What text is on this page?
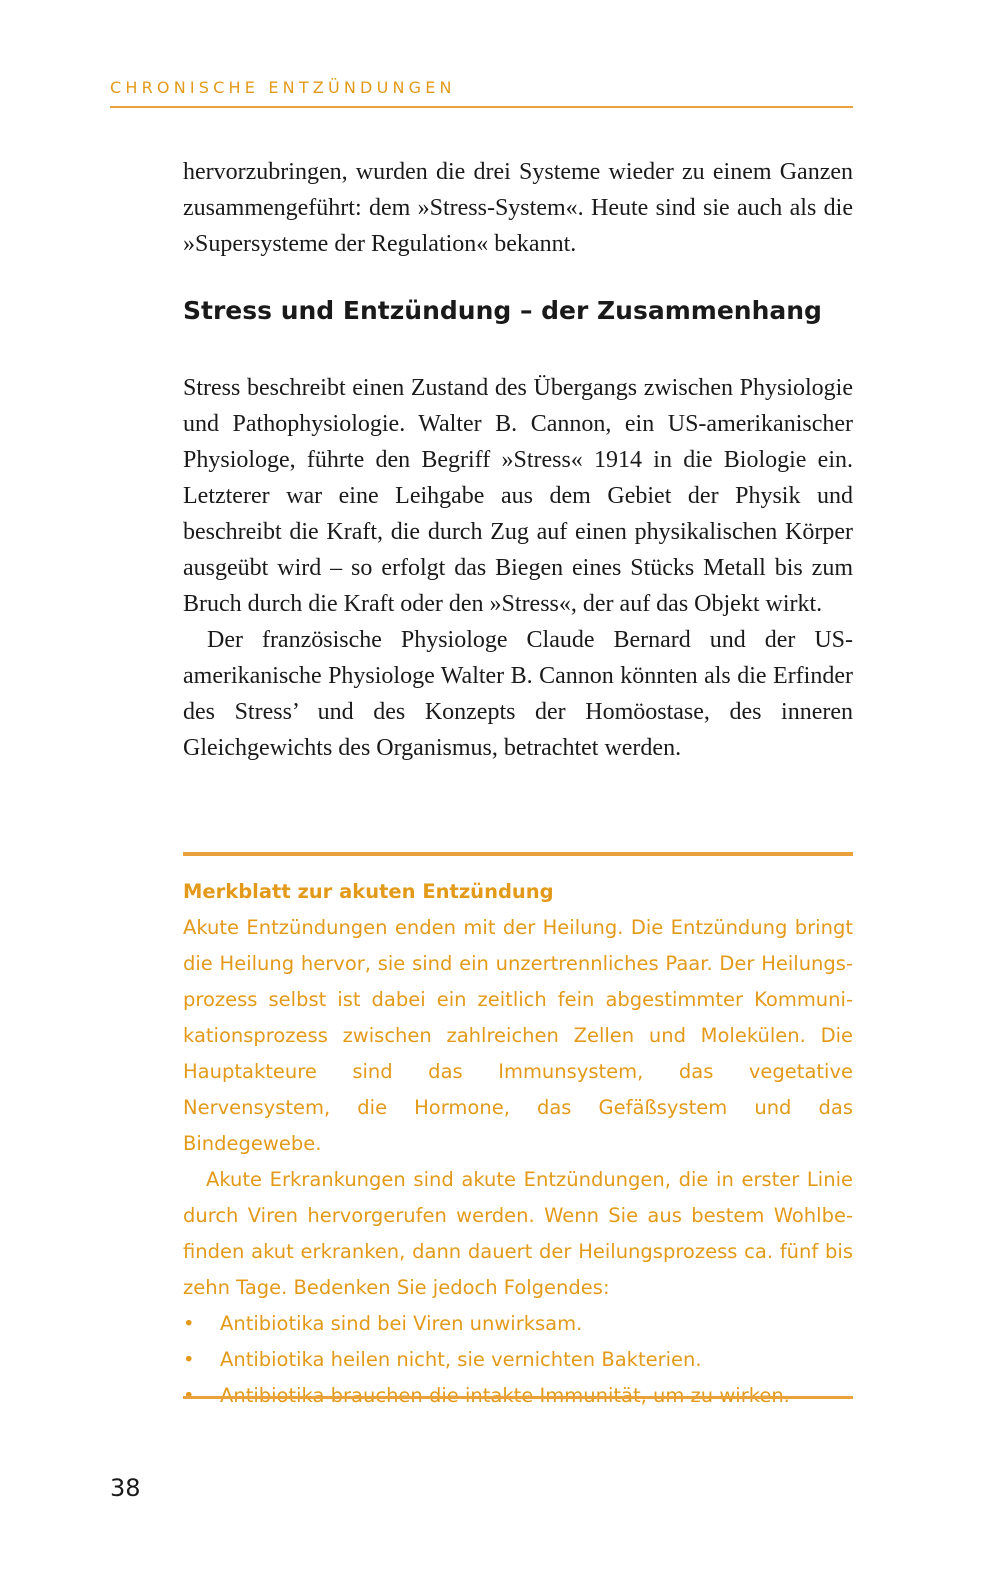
CHRONISCHE ENTZÜNDUNGEN

hervorzubringen, wurden die drei Systeme wieder zu einem Ganzen zusammengeführt: dem »Stress-System«. Heute sind sie auch als die »Supersysteme der Regulation« bekannt.

Stress und Entzündung – der Zusammenhang

Stress beschreibt einen Zustand des Übergangs zwischen Physiologie und Pathophysiologie. Walter B. Cannon, ein US-amerikanischer Physiologe, führte den Begriff »Stress« 1914 in die Biologie ein. Letzterer war eine Leihgabe aus dem Gebiet der Physik und beschreibt die Kraft, die durch Zug auf einen physikalischen Körper ausgeübt wird – so erfolgt das Biegen eines Stücks Metall bis zum Bruch durch die Kraft oder den »Stress«, der auf das Objekt wirkt.

Der französische Physiologe Claude Bernard und der US-amerikanische Physiologe Walter B. Cannon könnten als die Erfinder des Stress’ und des Konzepts der Homöostase, des inneren Gleichgewichts des Organismus, betrachtet werden.

Merkblatt zur akuten Entzündung

Akute Entzündungen enden mit der Heilung. Die Entzündung bringt die Heilung hervor, sie sind ein unzertrennliches Paar. Der Heilungsprozess selbst ist dabei ein zeitlich fein abgestimmter Kommunikationsprozess zwischen zahlreichen Zellen und Molekülen. Die Hauptakteure sind das Immunsystem, das vegetative Nervensystem, die Hormone, das Gefäßsystem und das Bindegewebe.

Akute Erkrankungen sind akute Entzündungen, die in erster Linie durch Viren hervorgerufen werden. Wenn Sie aus bestem Wohlbefinden akut erkranken, dann dauert der Heilungsprozess ca. fünf bis zehn Tage. Bedenken Sie jedoch Folgendes:

• Antibiotika sind bei Viren unwirksam.
• Antibiotika heilen nicht, sie vernichten Bakterien.
38
